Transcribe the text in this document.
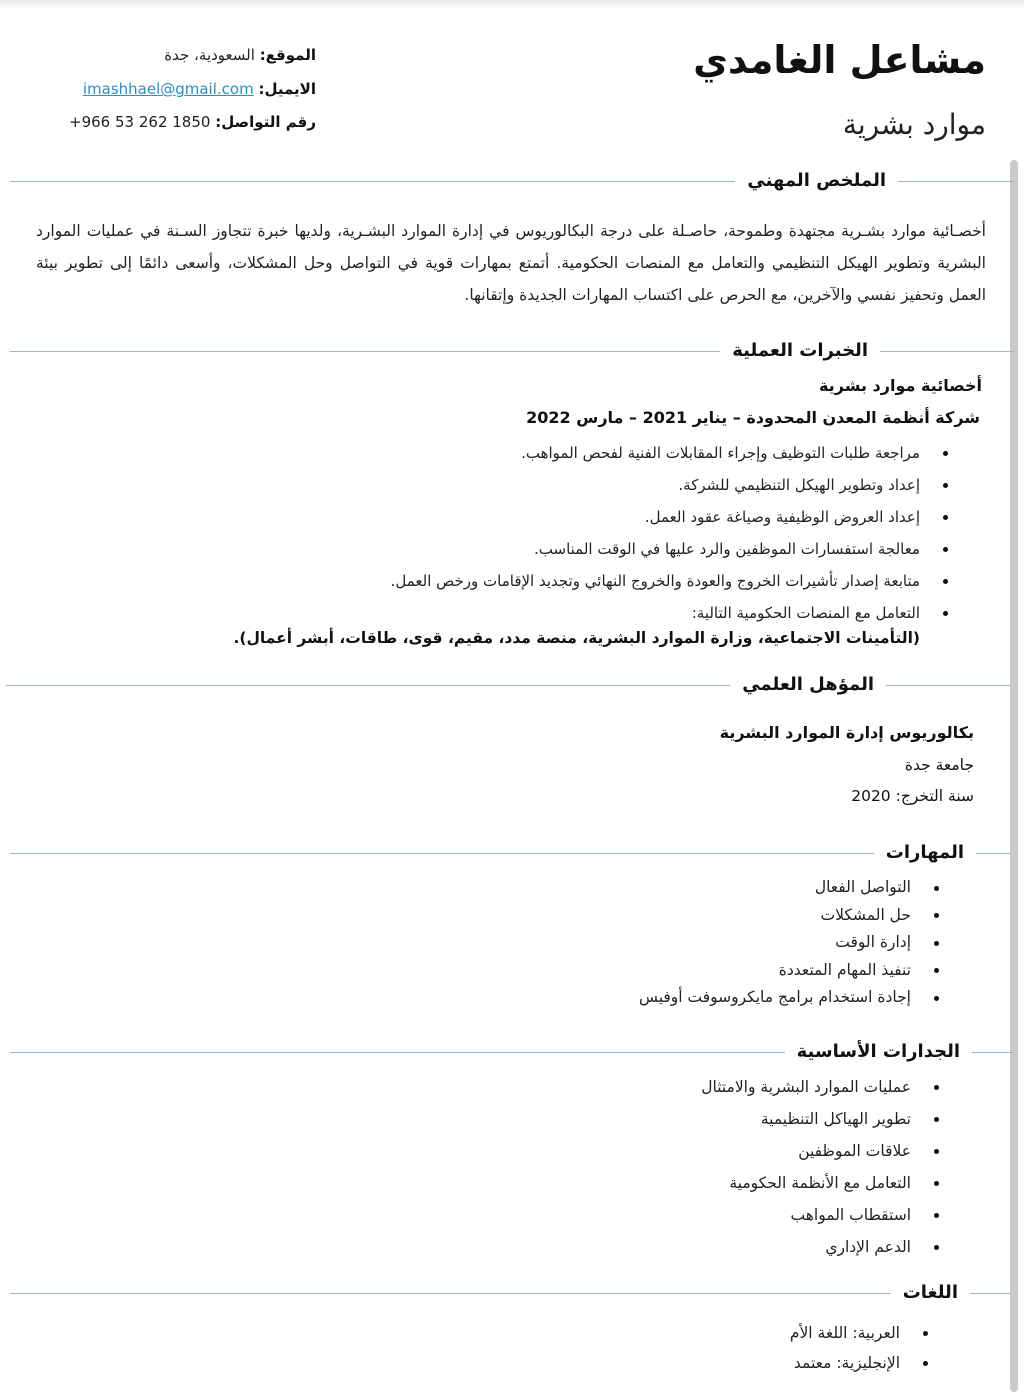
مشاعل الغامدي
موارد بشرية
الموقع: السعودية، جدة
الايميل: imashhael@gmail.com
رقم التواصل: +966 53 262 1850
الملخص المهني

أخصـائية موارد بشـرية مجتهدة وطموحة، حاصـلة على درجة البكالوريوس في إدارة الموارد البشـرية، ولديها خبرة تتجاوز السـنة في عمليات الموارد البشرية وتطوير الهيكل التنظيمي والتعامل مع المنصات الحكومية. أتمتع بمهارات قوية في التواصل وحل المشكلات، وأسعى دائمًا إلى تطوير بيئة العمل وتحفيز نفسي والآخرين، مع الحرص على اكتساب المهارات الجديدة وإتقانها.

الخبرات العملية
أخصائية موارد بشرية
شركة أنظمة المعدن المحدودة – يناير 2021 – مارس 2022
مراجعة طلبات التوظيف وإجراء المقابلات الفنية لفحص المواهب.
إعداد وتطوير الهيكل التنظيمي للشركة.
إعداد العروض الوظيفية وصياغة عقود العمل.
معالجة استفسارات الموظفين والرد عليها في الوقت المناسب.
متابعة إصدار تأشيرات الخروج والعودة والخروج النهائي وتجديد الإقامات ورخص العمل.
التعامل مع المنصات الحكومية التالية:
(التأمينات الاجتماعية، وزارة الموارد البشرية، منصة مدد، مقيم، قوى، طاقات، أبشر أعمال).
المؤهل العلمي
بكالوريوس إدارة الموارد البشرية
جامعة جدة
سنة التخرج: 2020
المهارات
التواصل الفعال
حل المشكلات
إدارة الوقت
تنفيذ المهام المتعددة
إجادة استخدام برامج مايكروسوفت أوفيس
الجدارات الأساسية
عمليات الموارد البشرية والامتثال
تطوير الهياكل التنظيمية
علاقات الموظفين
التعامل مع الأنظمة الحكومية
استقطاب المواهب
الدعم الإداري
اللغات
العربية: اللغة الأم
الإنجليزية: معتمد
